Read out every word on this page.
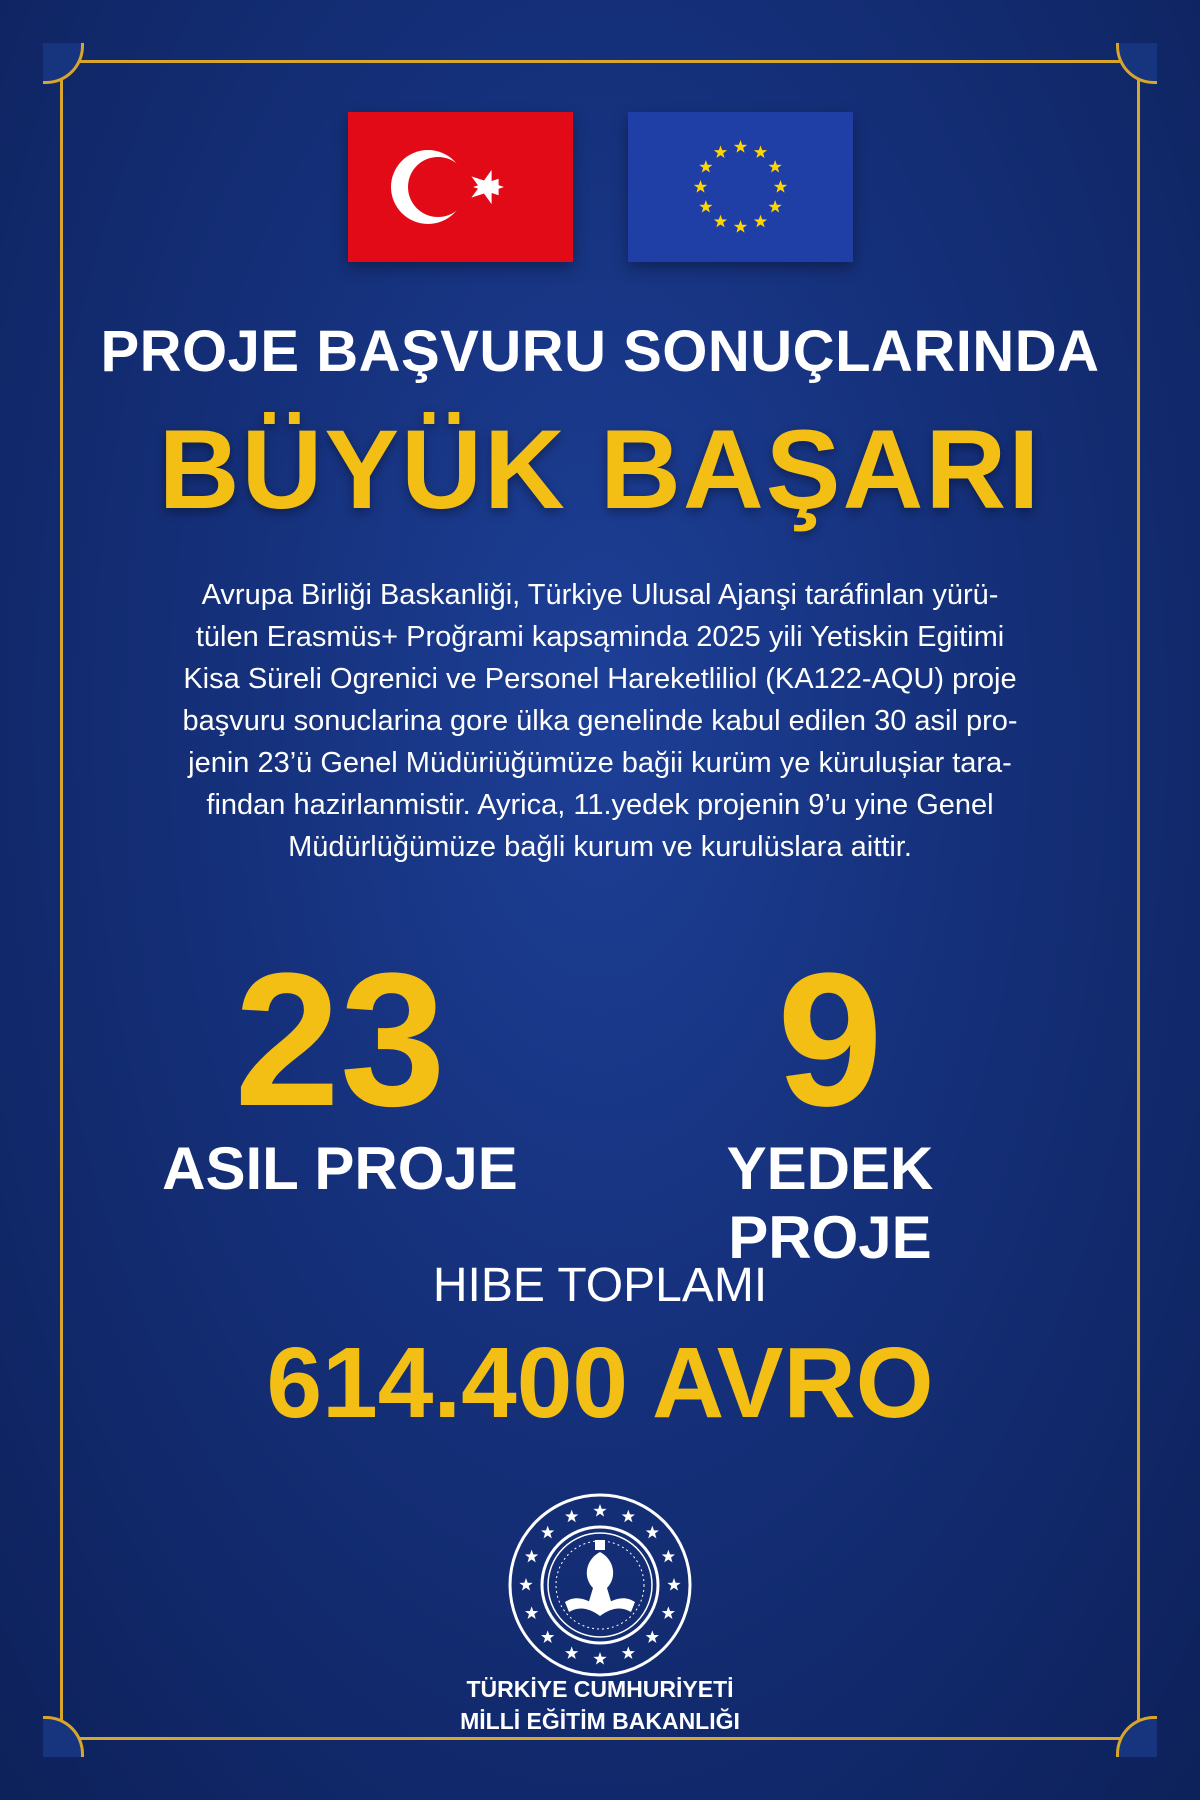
PROJE BAŞVURU SONUÇLARINDA
BÜYÜK BAŞARI
Avrupa Birliği Baskanliği, Türkiye Ulusal Ajanşi taráfinlan yürü-
tülen Erasmüs+ Proğrami kapsąminda 2025 yili Yetiskin Egitimi
Kisa Süreli Ogrenici ve Personel Hareketliliol (KA122-AQU) proje
başvuru sonuclarina gore ülka genelinde kabul edilen 30 asil pro-
jenin 23’ü Genel Müdüriüğümüze bağii kurüm ye kürulușiar tara-
findan hazirlanmistir. Ayrica, 11.yedek projenin 9’u yine Genel
Müdürlüğümüze bağli kurum ve kurulüslara aittir.
23
ASIL PROJE
9
YEDEK PROJE
HIBE TOPLAMI
614.400 AVRO
TÜRKİYE CUMHURİYETİ
MİLLİ EĞİTİM BAKANLIĞI
